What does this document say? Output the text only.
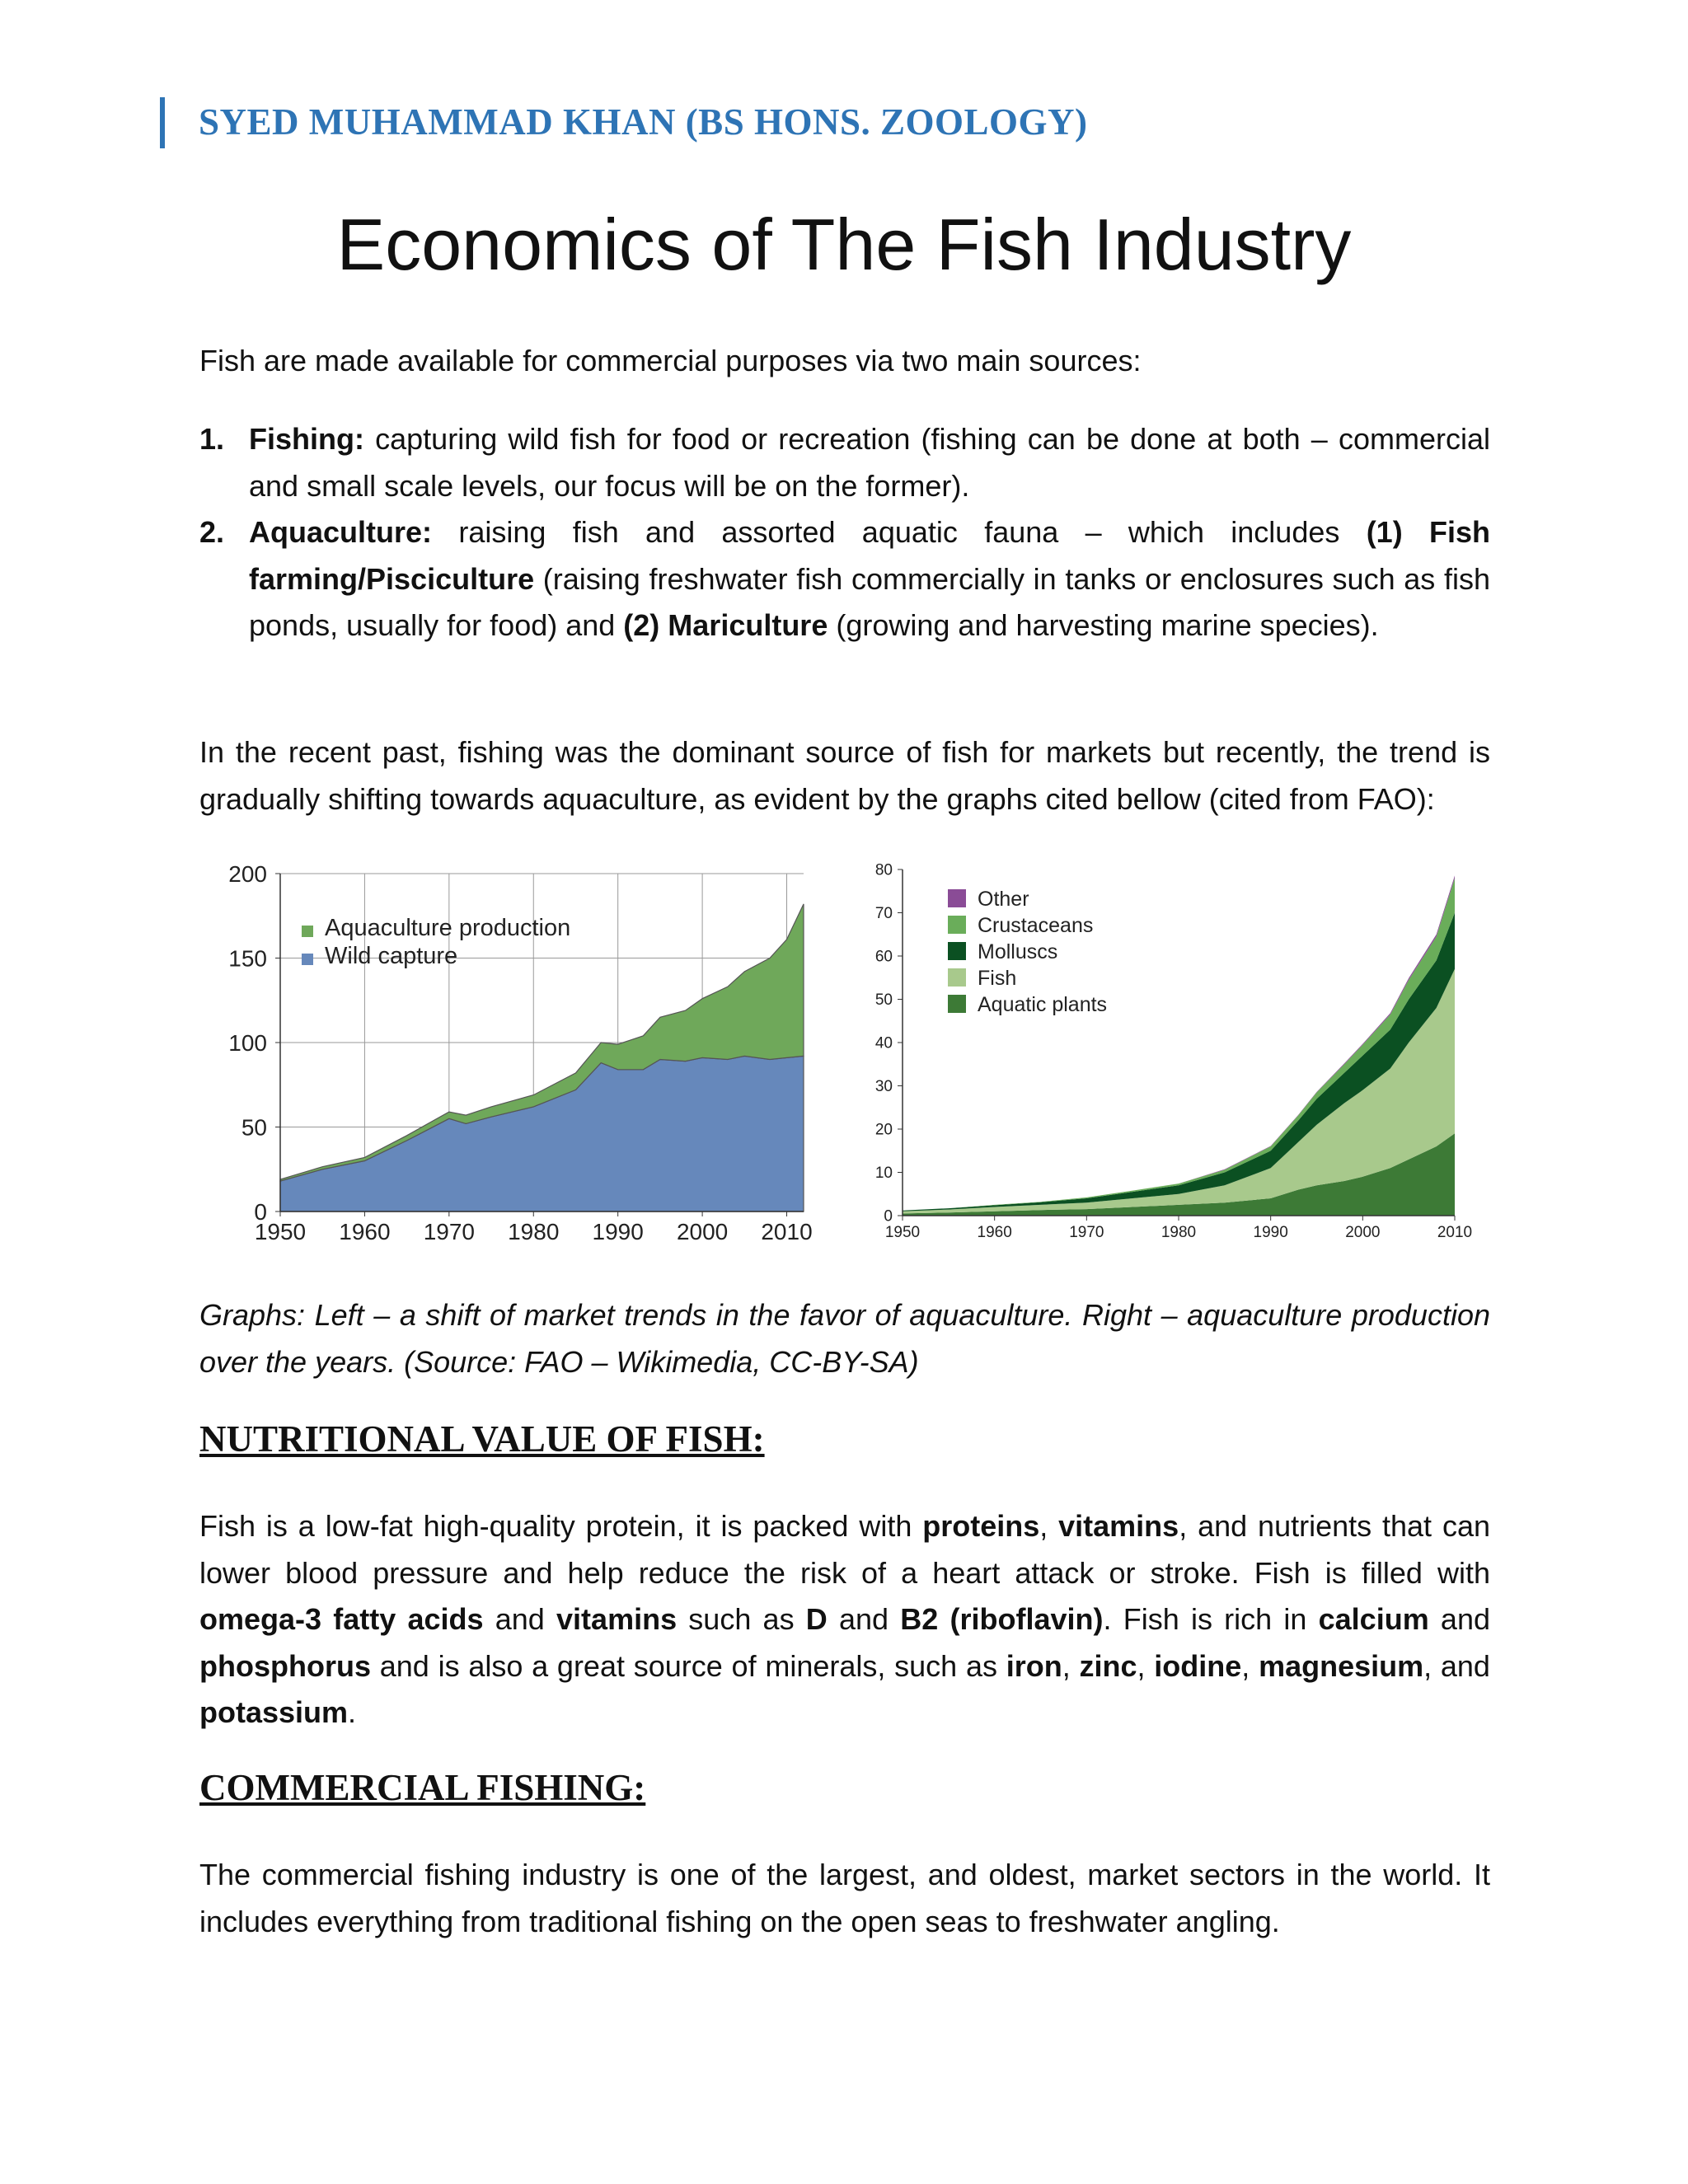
SYED MUHAMMAD KHAN (BS HONS. ZOOLOGY)
Economics of The Fish Industry
Fish are made available for commercial purposes via two main sources:
1. Fishing: capturing wild fish for food or recreation (fishing can be done at both – commercial and small scale levels, our focus will be on the former).
2. Aquaculture: raising fish and assorted aquatic fauna – which includes (1) Fish farming/Pisciculture (raising freshwater fish commercially in tanks or enclosures such as fish ponds, usually for food) and (2) Mariculture (growing and harvesting marine species).
In the recent past, fishing was the dominant source of fish for markets but recently, the trend is gradually shifting towards aquaculture, as evident by the graphs cited bellow (cited from FAO):
1950 1960 1970 1980 1990 2000 2010
0
50
100
150
200
Aquaculture production
Wild capture
1950	1960	1970	1980	1990	2000	2010
0
10
20
30
40
50
60
70
80
Other
Crustaceans
Molluscs
Fish
Aquatic plants
Graphs: Left – a shift of market trends in the favor of aquaculture. Right – aquaculture production over the years. (Source: FAO – Wikimedia, CC-BY-SA)
NUTRITIONAL VALUE OF FISH:
Fish is a low-fat high-quality protein, it is packed with proteins, vitamins, and nutrients that can lower blood pressure and help reduce the risk of a heart attack or stroke. Fish is filled with omega-3 fatty acids and vitamins such as D and B2 (riboflavin). Fish is rich in calcium and phosphorus and is also a great source of minerals, such as iron, zinc, iodine, magnesium, and potassium.
COMMERCIAL FISHING:
The commercial fishing industry is one of the largest, and oldest, market sectors in the world. It includes everything from traditional fishing on the open seas to freshwater angling.
